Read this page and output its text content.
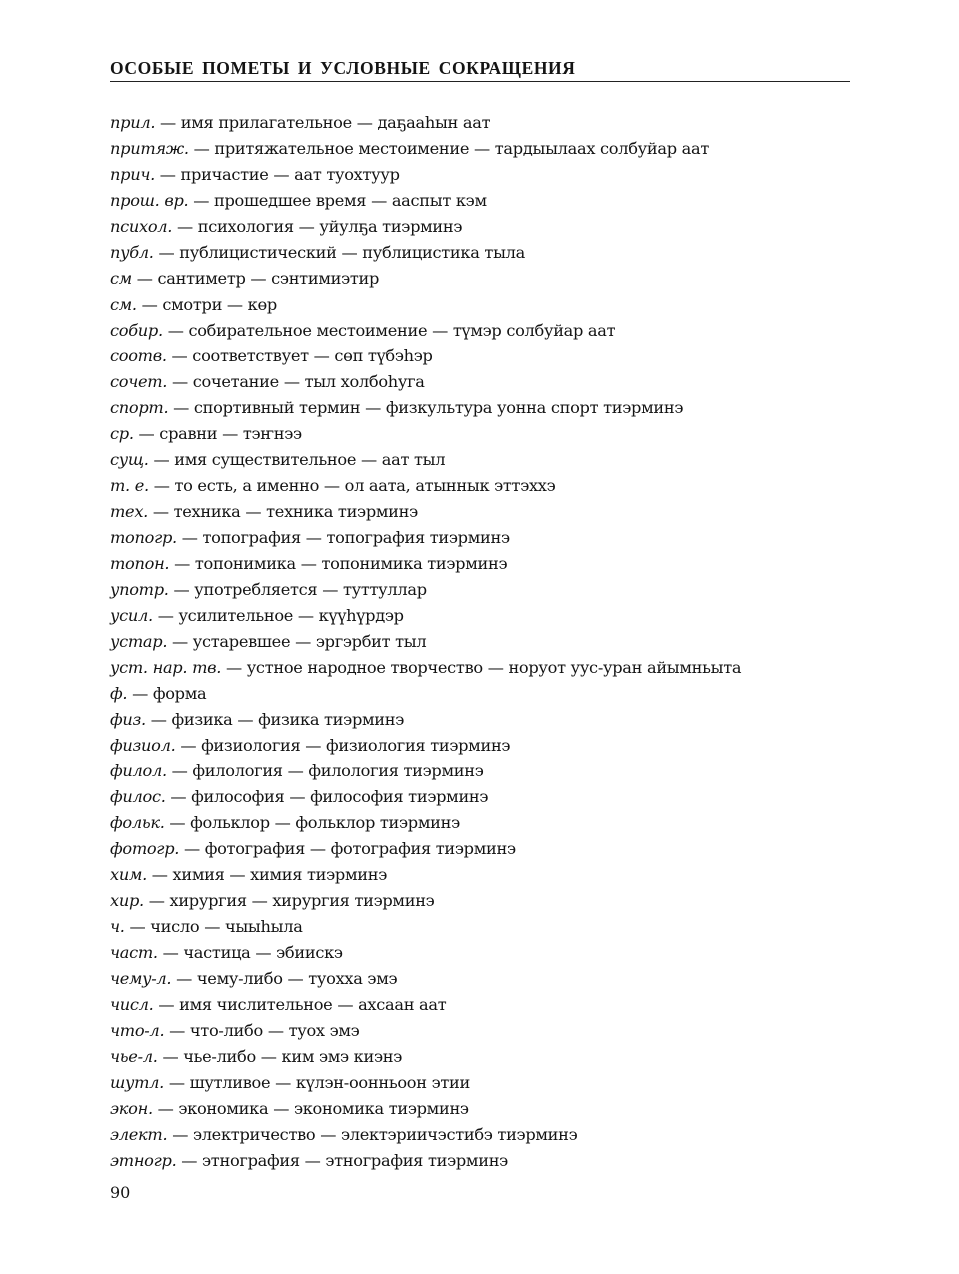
ОСОБЫЕ ПОМЕТЫ И УСЛОВНЫЕ СОКРАЩЕНИЯ
прил. — имя прилагательное — даҕааһын аат
притяж. — притяжательное местоимение — тардыылаах солбуйар аат
прич. — причастие — аат туохтуур
прош. вр. — прошедшее время — ааспыт кэм
психол. — психология — уйулҕа тиэрминэ
публ. — публицистический — публицистика тыла
см — сантиметр — сэнтимиэтир
см. — смотри — көр
собир. — собирательное местоимение — түмэр солбуйар аат
соотв. — соответствует — сөп түбэһэр
сочет. — сочетание — тыл холбоһуга
спорт. — спортивный термин — физкультура уонна спорт тиэрминэ
ср. — сравни — тэҥнээ
сущ. — имя существительное — аат тыл
т. е. — то есть, а именно — ол аата, атыннык эттэххэ
тех. — техника — техника тиэрминэ
топогр. — топография — топография тиэрминэ
топон. — топонимика — топонимика тиэрминэ
употр. — употребляется — туттуллар
усил. — усилительное — күүһүрдэр
устар. — устаревшее — эргэрбит тыл
уст. нар. тв. — устное народное творчество — норуот уус-уран айымньыта
ф. — форма
физ. — физика — физика тиэрминэ
физиол. — физиология — физиология тиэрминэ
филол. — филология — филология тиэрминэ
филос. — философия — философия тиэрминэ
фольк. — фольклор — фольклор тиэрминэ
фотогр. — фотография — фотография тиэрминэ
хим. — химия — химия тиэрминэ
хир. — хирургия — хирургия тиэрминэ
ч. — число — чыыһыла
част. — частица — эбиискэ
чему-л. — чему-либо — туохха эмэ
числ. — имя числительное — ахсаан аат
что-л. — что-либо — туох эмэ
чье-л. — чье-либо — ким эмэ киэнэ
шутл. — шутливое — күлэн-оонньоон этии
экон. — экономика — экономика тиэрминэ
элект. — электричество — электэриичэстибэ тиэрминэ
этногр. — этнография — этнография тиэрминэ
90
